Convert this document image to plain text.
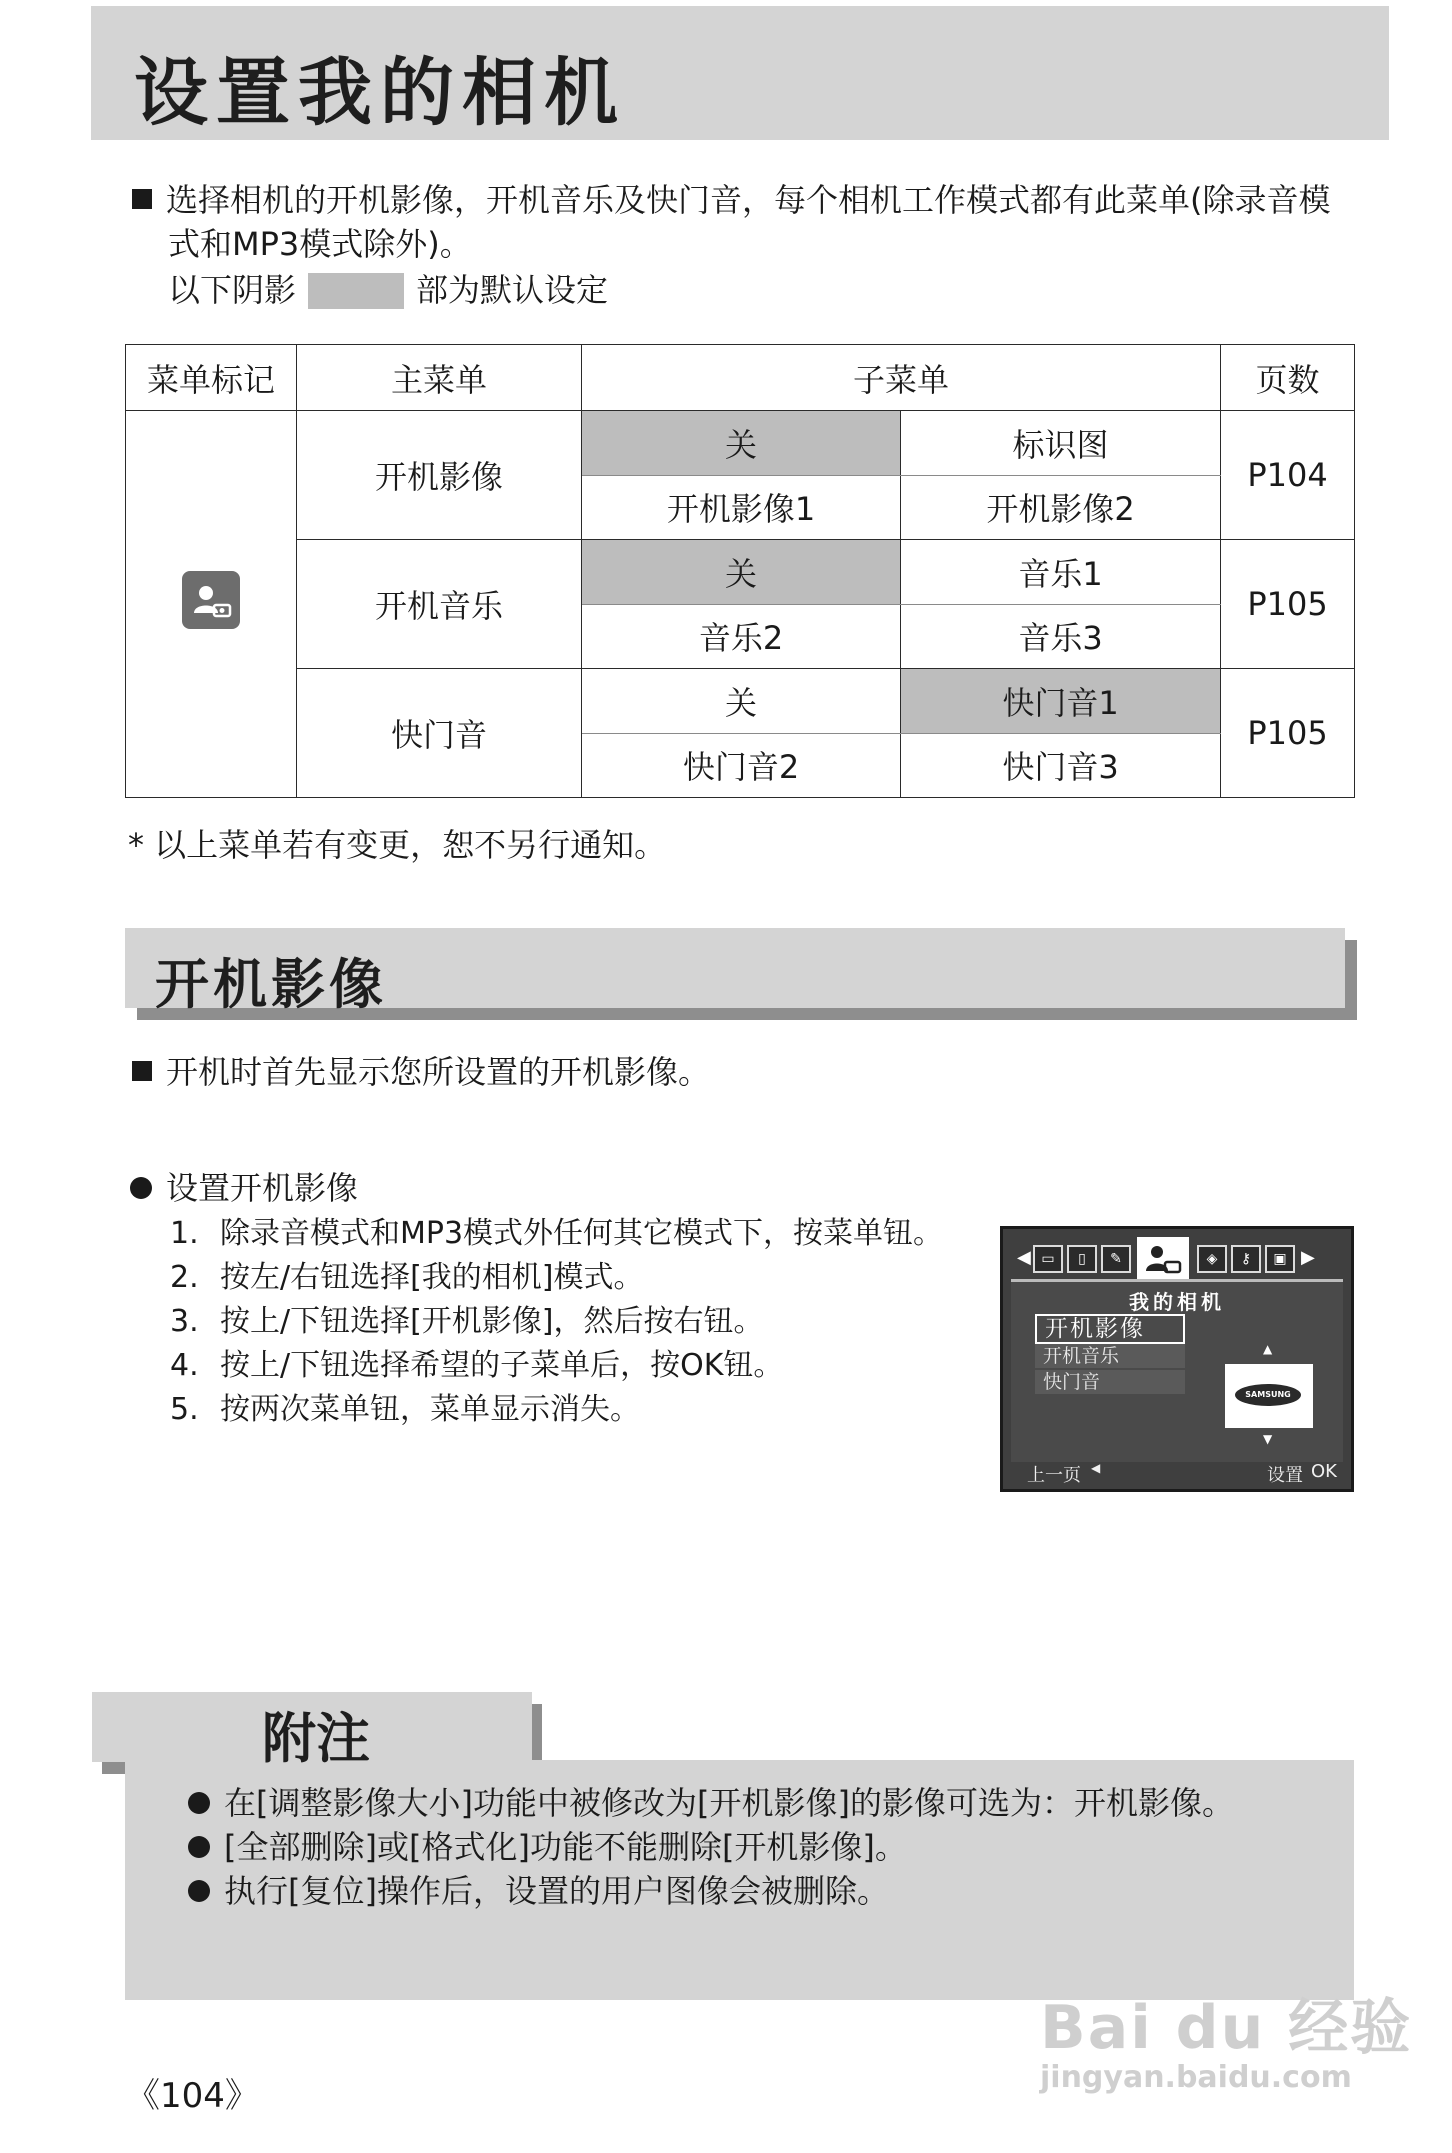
设置我的相机
选择相机的开机影像，开机音乐及快门音，每个相机工作模式都有此菜单(除录音模
式和MP3模式除外)。
以下阴影	部为默认设定
菜单标记	主菜单	子菜单		页数
	开机影像	关	标识图	P104
		开机影像1	开机影像2	
	开机音乐	关	音乐1	P105
		音乐2	音乐3	
	快门音	关	快门音1	P105
		快门音2	快门音3	
* 以上菜单若有变更，恕不另行通知。
开机影像
开机时首先显示您所设置的开机影像。
设置开机影像
1. 除录音模式和MP3模式外任何其它模式下，按菜单钮。
2. 按左/右钮选择[我的相机]模式。
3. 按上/下钮选择[开机影像]，然后按右钮。
4. 按上/下钮选择希望的子菜单后，按OK钮。
5. 按两次菜单钮，菜单显示消失。
◀ ▭	▯	✎	◈	⚷	▣ ▶
我的相机
开机影像
开机音乐
快门音
▲
SAMSUNG
▼
上一页 ◀	设置 OK
附注
在[调整影像大小]功能中被修改为[开机影像]的影像可选为：开机影像。
[全部删除]或[格式化]功能不能删除[开机影像]。
执行[复位]操作后，设置的用户图像会被删除。
《104》
Bai du 经验
jingyan.baidu.com
